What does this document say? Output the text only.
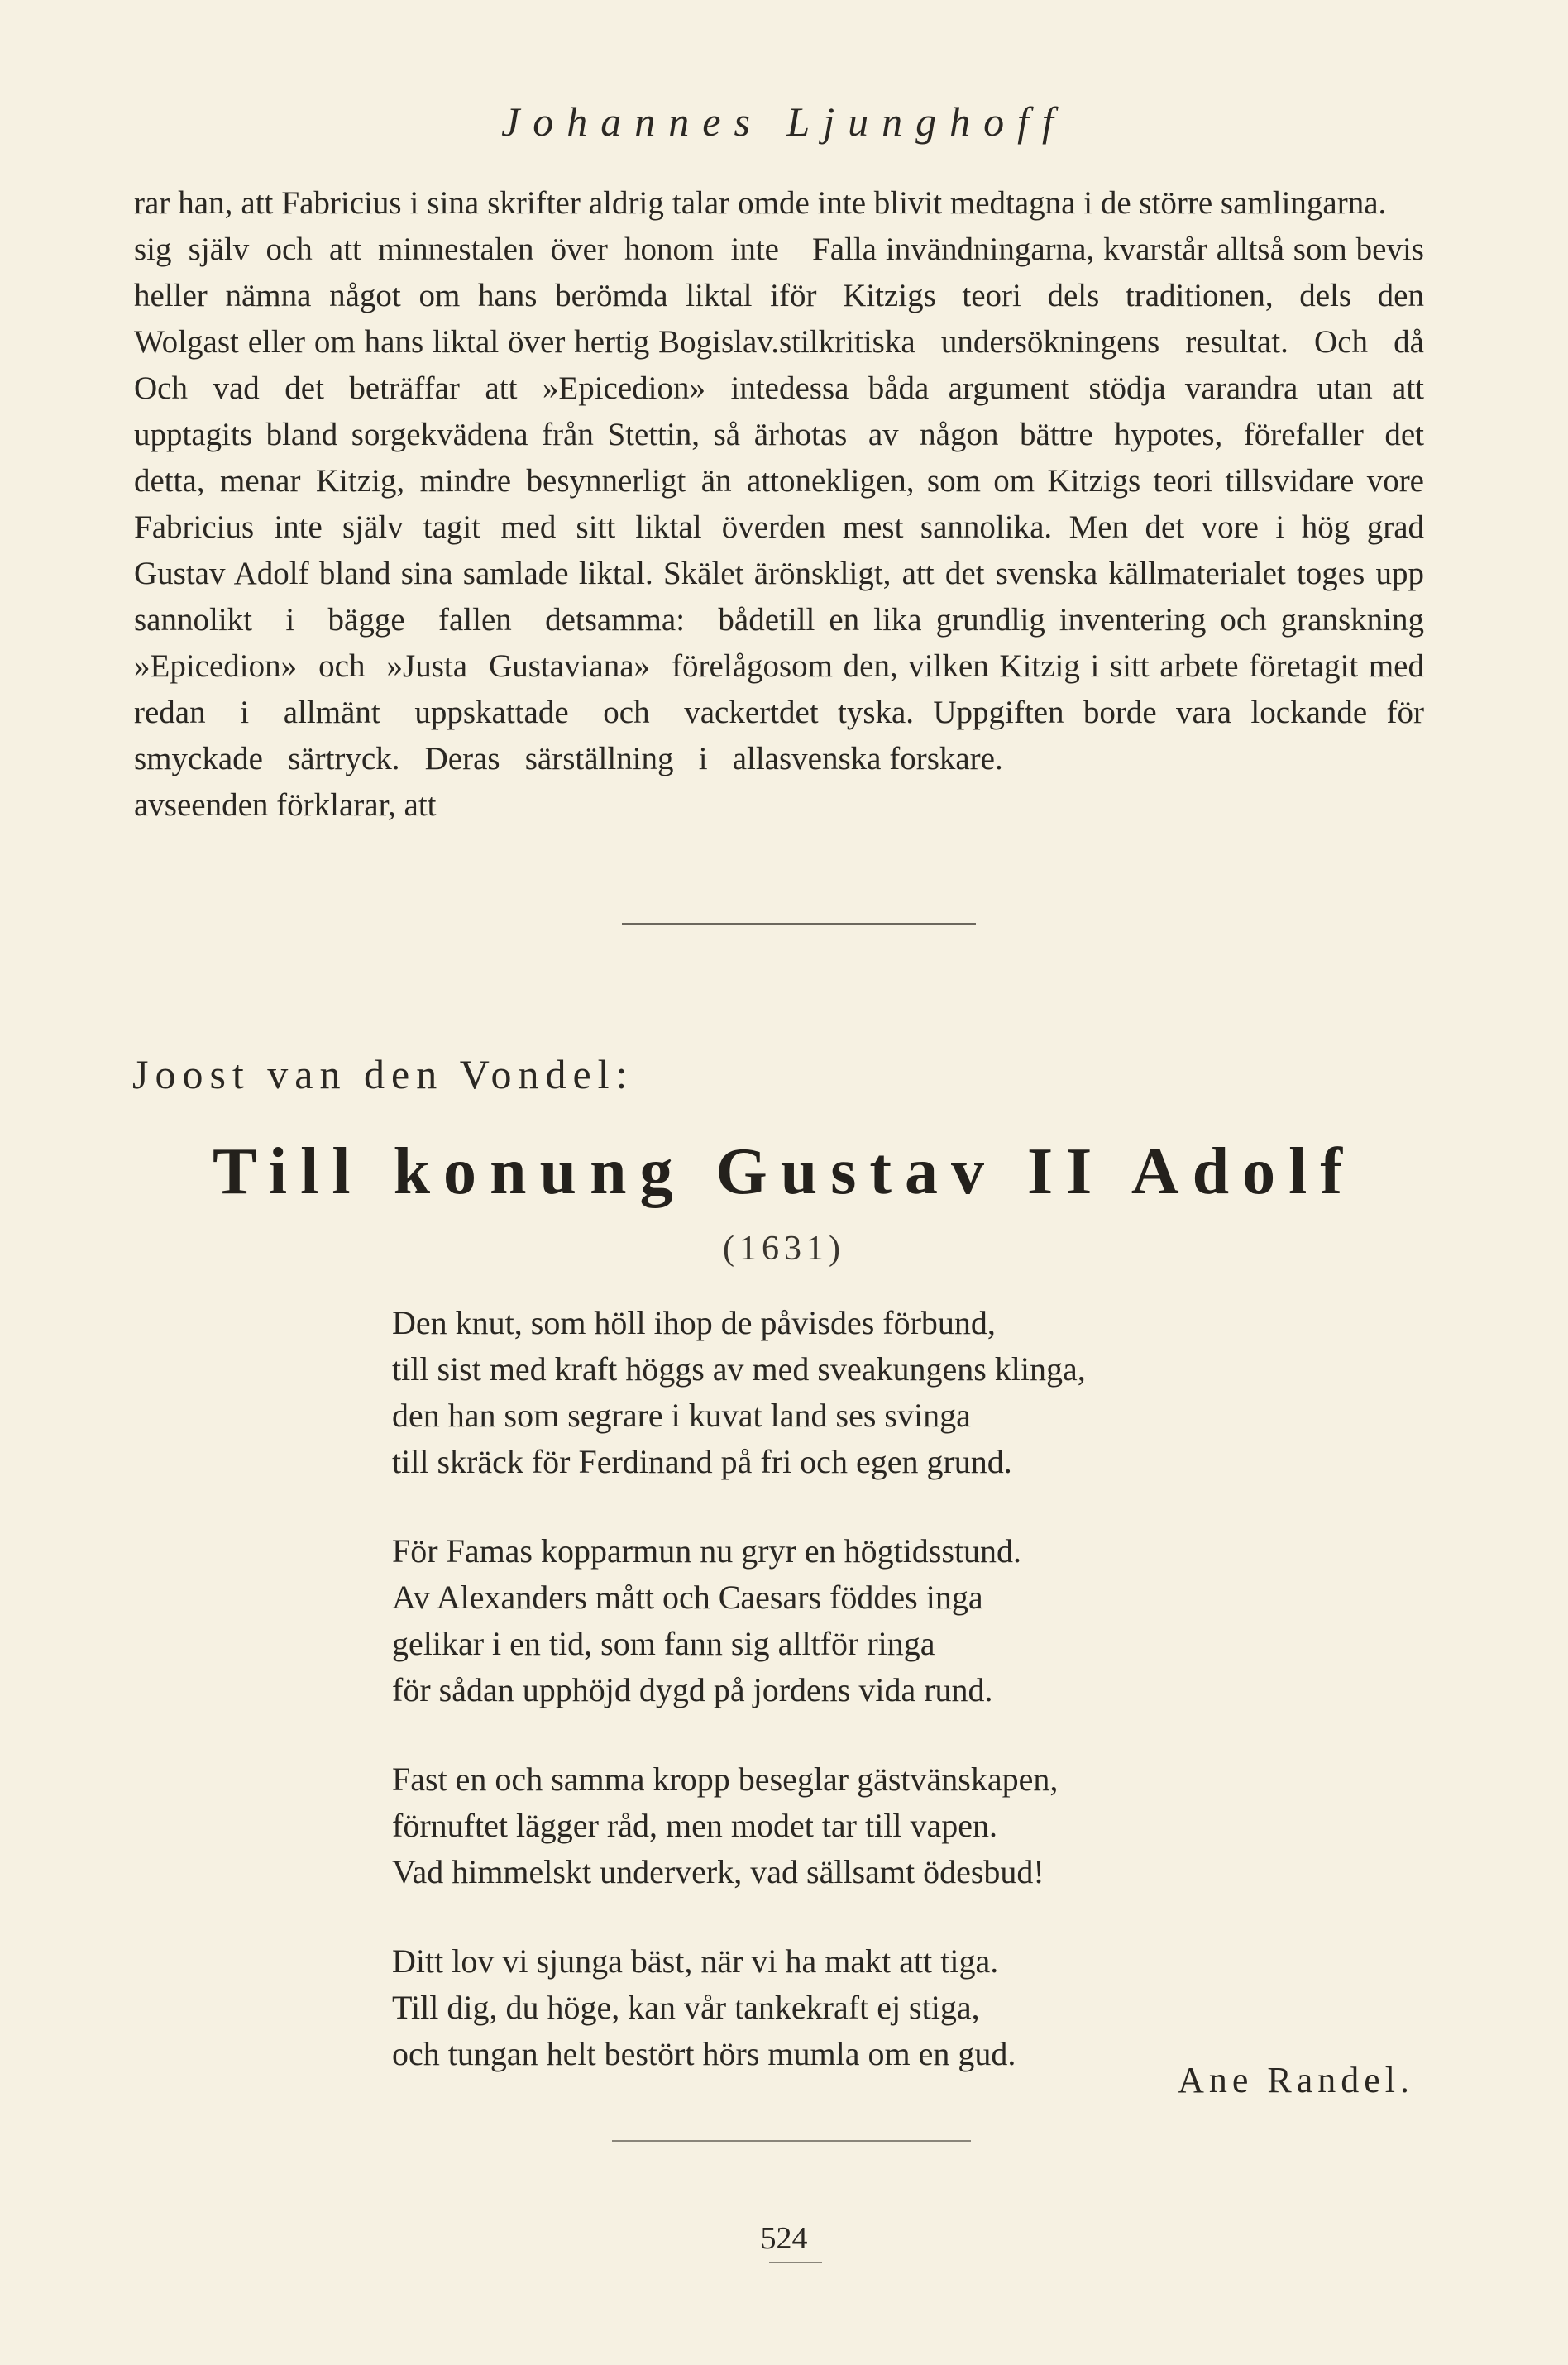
Johannes Ljunghoff

rar han, att Fabricius i sina skrifter aldrig talar om sig själv och att minnestalen över honom inte heller nämna något om hans berömda liktal i Wolgast eller om hans liktal över hertig Bogislav. Och vad det beträffar att »Epicedion» inte upptagits bland sorgekvädena från Stettin, så är detta, menar Kitzig, mindre besynnerligt än att Fabricius inte själv tagit med sitt liktal över Gustav Adolf bland sina samlade liktal. Skälet är sannolikt i bägge fallen detsamma: både »Epicedion» och »Justa Gustaviana» förelågo redan i allmänt uppskattade och vackert smyckade särtryck. Deras särställning i alla avseenden förklarar, att

de inte blivit medtagna i de större samlingarna.

Falla invändningarna, kvarstår alltså som bevis för Kitzigs teori dels traditionen, dels den stilkritiska undersökningens resultat. Och då dessa båda argument stödja varandra utan att hotas av någon bättre hypotes, förefaller det onekligen, som om Kitzigs teori tillsvidare vore den mest sannolika. Men det vore i hög grad önskligt, att det svenska källmaterialet toges upp till en lika grundlig inventering och granskning som den, vilken Kitzig i sitt arbete företagit med det tyska. Uppgiften borde vara lockande för svenska forskare.

Joost van den Vondel:
Till konung Gustav II Adolf
(1631)
Den knut, som höll ihop de påvisdes förbund,
till sist med kraft höggs av med sveakungens klinga,
den han som segrare i kuvat land ses svinga
till skräck för Ferdinand på fri och egen grund.
För Famas kopparmun nu gryr en högtidsstund.
Av Alexanders mått och Caesars föddes inga
gelikar i en tid, som fann sig alltför ringa
för sådan upphöjd dygd på jordens vida rund.
Fast en och samma kropp beseglar gästvänskapen,
förnuftet lägger råd, men modet tar till vapen.
Vad himmelskt underverk, vad sällsamt ödesbud!
Ditt lov vi sjunga bäst, när vi ha makt att tiga.
Till dig, du höge, kan vår tankekraft ej stiga,
och tungan helt bestört hörs mumla om en gud.
Ane Randel.
524
